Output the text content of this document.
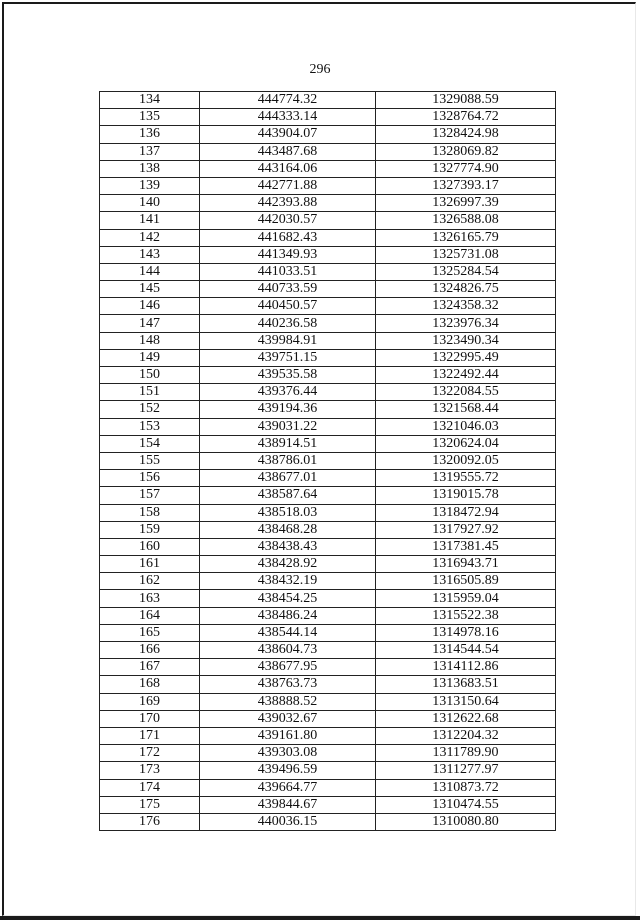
296
134	444774.32	1329088.59
135	444333.14	1328764.72
136	443904.07	1328424.98
137	443487.68	1328069.82
138	443164.06	1327774.90
139	442771.88	1327393.17
140	442393.88	1326997.39
141	442030.57	1326588.08
142	441682.43	1326165.79
143	441349.93	1325731.08
144	441033.51	1325284.54
145	440733.59	1324826.75
146	440450.57	1324358.32
147	440236.58	1323976.34
148	439984.91	1323490.34
149	439751.15	1322995.49
150	439535.58	1322492.44
151	439376.44	1322084.55
152	439194.36	1321568.44
153	439031.22	1321046.03
154	438914.51	1320624.04
155	438786.01	1320092.05
156	438677.01	1319555.72
157	438587.64	1319015.78
158	438518.03	1318472.94
159	438468.28	1317927.92
160	438438.43	1317381.45
161	438428.92	1316943.71
162	438432.19	1316505.89
163	438454.25	1315959.04
164	438486.24	1315522.38
165	438544.14	1314978.16
166	438604.73	1314544.54
167	438677.95	1314112.86
168	438763.73	1313683.51
169	438888.52	1313150.64
170	439032.67	1312622.68
171	439161.80	1312204.32
172	439303.08	1311789.90
173	439496.59	1311277.97
174	439664.77	1310873.72
175	439844.67	1310474.55
176	440036.15	1310080.80
